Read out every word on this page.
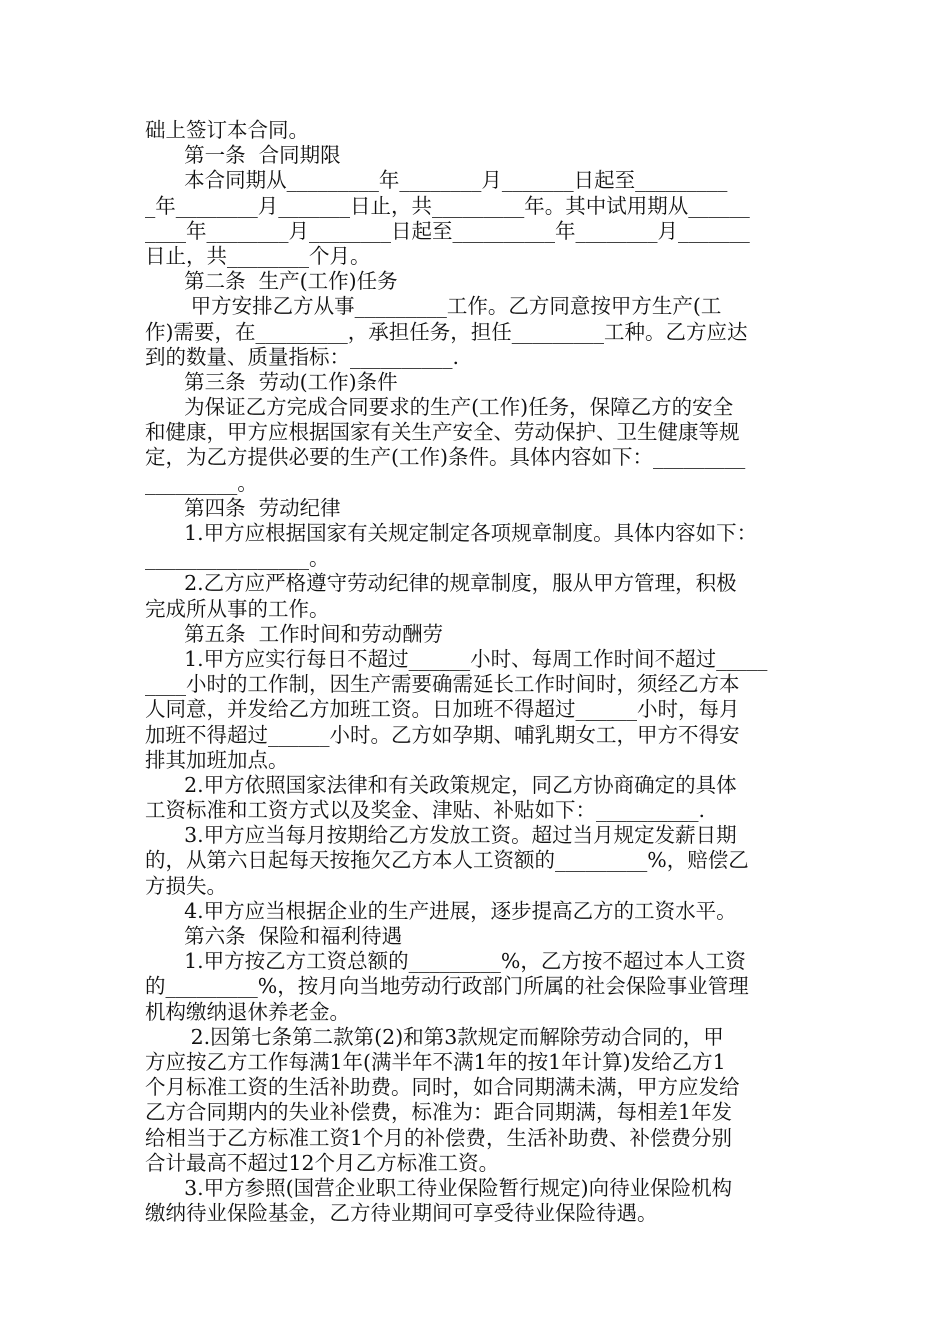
础上签订本合同。
第一条  合同期限
本合同期从_________年________月_______日起至_________
_年________月_______日止，共_________年。其中试用期从______
____年________月________日起至__________年________月_______
日止，共________个月。
第二条  生产(工作)任务
甲方安排乙方从事_________工作。乙方同意按甲方生产(工
作)需要，在_________，承担任务，担任_________工种。乙方应达
到的数量、质量指标：__________.
第三条  劳动(工作)条件
为保证乙方完成合同要求的生产(工作)任务，保障乙方的安全
和健康，甲方应根据国家有关生产安全、劳动保护、卫生健康等规
定，为乙方提供必要的生产(工作)条件。具体内容如下：_________
_________。
第四条  劳动纪律
1.甲方应根据国家有关规定制定各项规章制度。具体内容如下：
________________。
2.乙方应严格遵守劳动纪律的规章制度，服从甲方管理，积极
完成所从事的工作。
第五条  工作时间和劳动酬劳
1.甲方应实行每日不超过______小时、每周工作时间不超过_____
____小时的工作制，因生产需要确需延长工作时间时，须经乙方本
人同意，并发给乙方加班工资。日加班不得超过______小时，每月
加班不得超过______小时。乙方如孕期、哺乳期女工，甲方不得安
排其加班加点。
2.甲方依照国家法律和有关政策规定，同乙方协商确定的具体
工资标准和工资方式以及奖金、津贴、补贴如下：__________.
3.甲方应当每月按期给乙方发放工资。超过当月规定发薪日期
的，从第六日起每天按拖欠乙方本人工资额的_________%，赔偿乙
方损失。
4.甲方应当根据企业的生产进展，逐步提高乙方的工资水平。
第六条  保险和福利待遇
1.甲方按乙方工资总额的_________%，乙方按不超过本人工资
的_________%，按月向当地劳动行政部门所属的社会保险事业管理
机构缴纳退休养老金。
2.因第七条第二款第(2)和第3款规定而解除劳动合同的，甲
方应按乙方工作每满1年(满半年不满1年的按1年计算)发给乙方1
个月标准工资的生活补助费。同时，如合同期满未满，甲方应发给
乙方合同期内的失业补偿费，标准为：距合同期满，每相差1年发
给相当于乙方标准工资1个月的补偿费，生活补助费、补偿费分别
合计最高不超过12个月乙方标准工资。
3.甲方参照(国营企业职工待业保险暂行规定)向待业保险机构
缴纳待业保险基金，乙方待业期间可享受待业保险待遇。
